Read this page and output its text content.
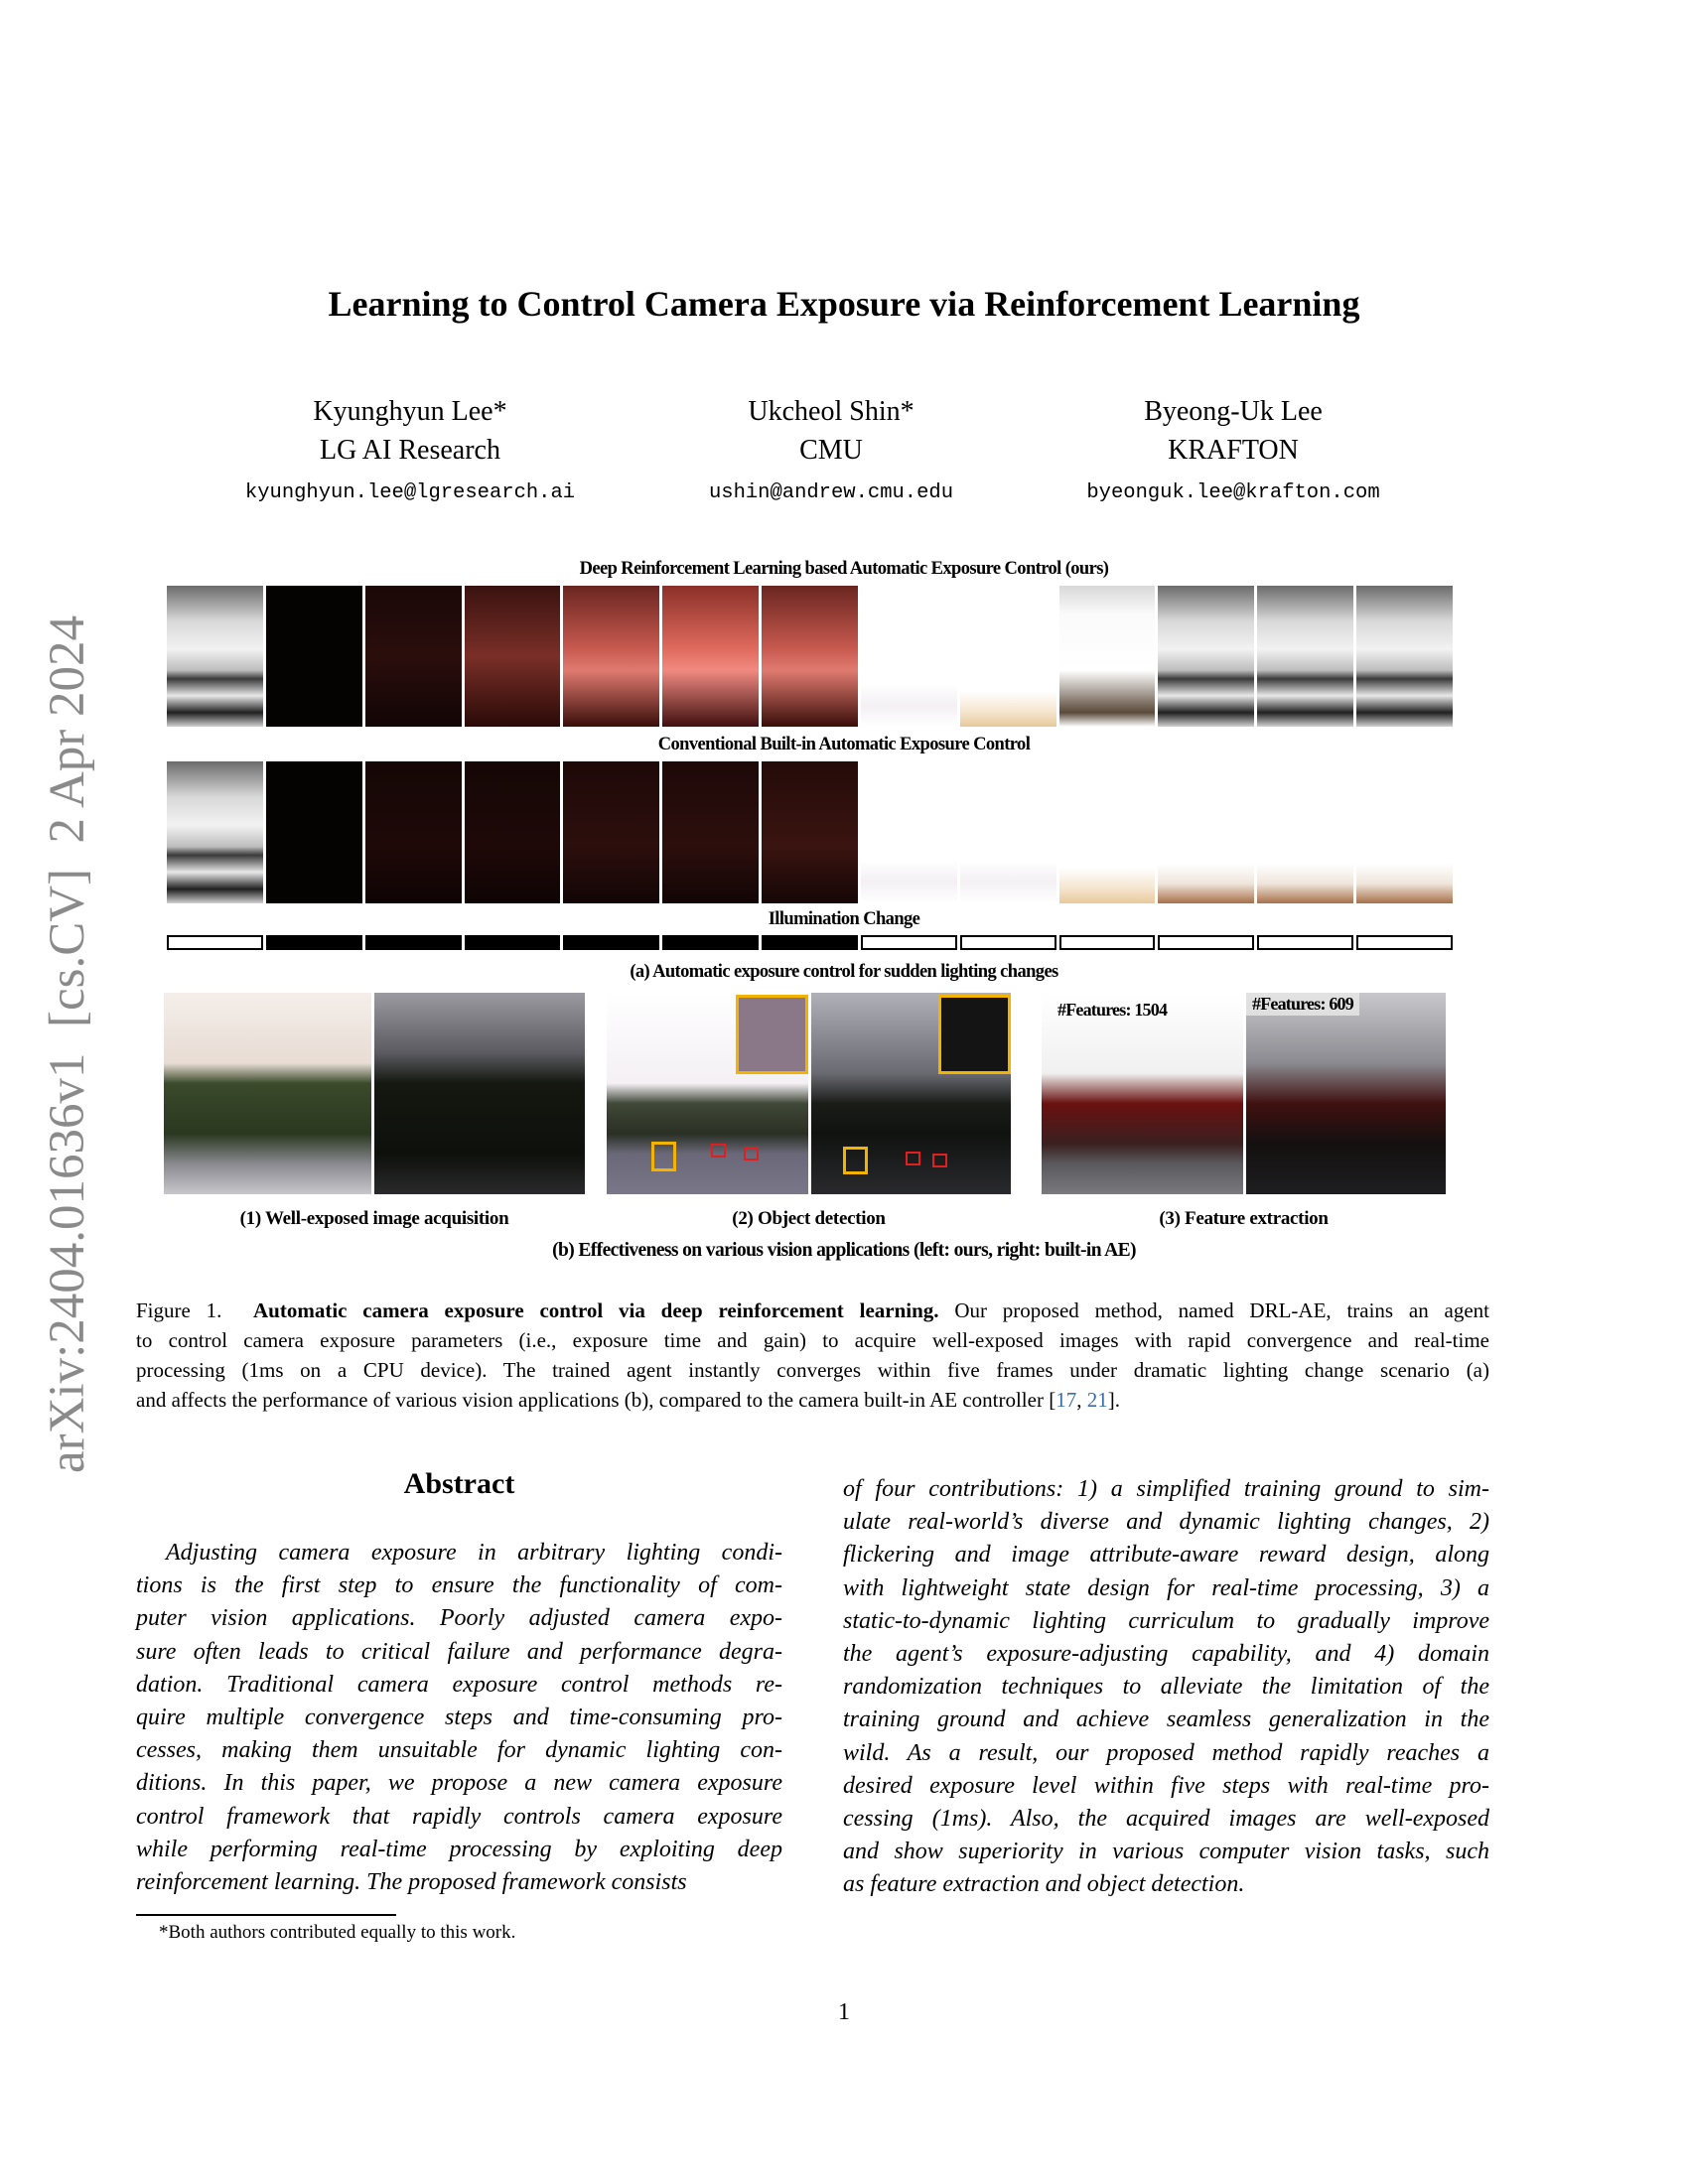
arXiv:2404.01636v1  [cs.CV]  2 Apr 2024
Learning to Control Camera Exposure via Reinforcement Learning
Kyunghyun Lee*
LG AI Research
kyunghyun.lee@lgresearch.ai
Ukcheol Shin*
CMU
ushin@andrew.cmu.edu
Byeong-Uk Lee
KRAFTON
byeonguk.lee@krafton.com
Deep Reinforcement Learning based Automatic Exposure Control (ours)
Conventional Built-in Automatic Exposure Control
Illumination Change
(a) Automatic exposure control for sudden lighting changes
#Features: 1504	#Features: 609
(1) Well-exposed image acquisition	(2) Object detection	(3) Feature extraction
(b) Effectiveness on various vision applications (left: ours, right: built-in AE)
Figure 1. Automatic camera exposure control via deep reinforcement learning. Our proposed method, named DRL-AE, trains an agent
to control camera exposure parameters (i.e., exposure time and gain) to acquire well-exposed images with rapid convergence and real-time
processing (1ms on a CPU device). The trained agent instantly converges within five frames under dramatic lighting change scenario (a)
and affects the performance of various vision applications (b), compared to the camera built-in AE controller [17, 21].
Abstract
Adjusting camera exposure in arbitrary lighting condi-
tions is the first step to ensure the functionality of com-
puter vision applications. Poorly adjusted camera expo-
sure often leads to critical failure and performance degra-
dation. Traditional camera exposure control methods re-
quire multiple convergence steps and time-consuming pro-
cesses, making them unsuitable for dynamic lighting con-
ditions. In this paper, we propose a new camera exposure
control framework that rapidly controls camera exposure
while performing real-time processing by exploiting deep
reinforcement learning. The proposed framework consists
of four contributions: 1) a simplified training ground to sim-
ulate real-world’s diverse and dynamic lighting changes, 2)
flickering and image attribute-aware reward design, along
with lightweight state design for real-time processing, 3) a
static-to-dynamic lighting curriculum to gradually improve
the agent’s exposure-adjusting capability, and 4) domain
randomization techniques to alleviate the limitation of the
training ground and achieve seamless generalization in the
wild. As a result, our proposed method rapidly reaches a
desired exposure level within five steps with real-time pro-
cessing (1ms). Also, the acquired images are well-exposed
and show superiority in various computer vision tasks, such
as feature extraction and object detection.
*Both authors contributed equally to this work.
1
